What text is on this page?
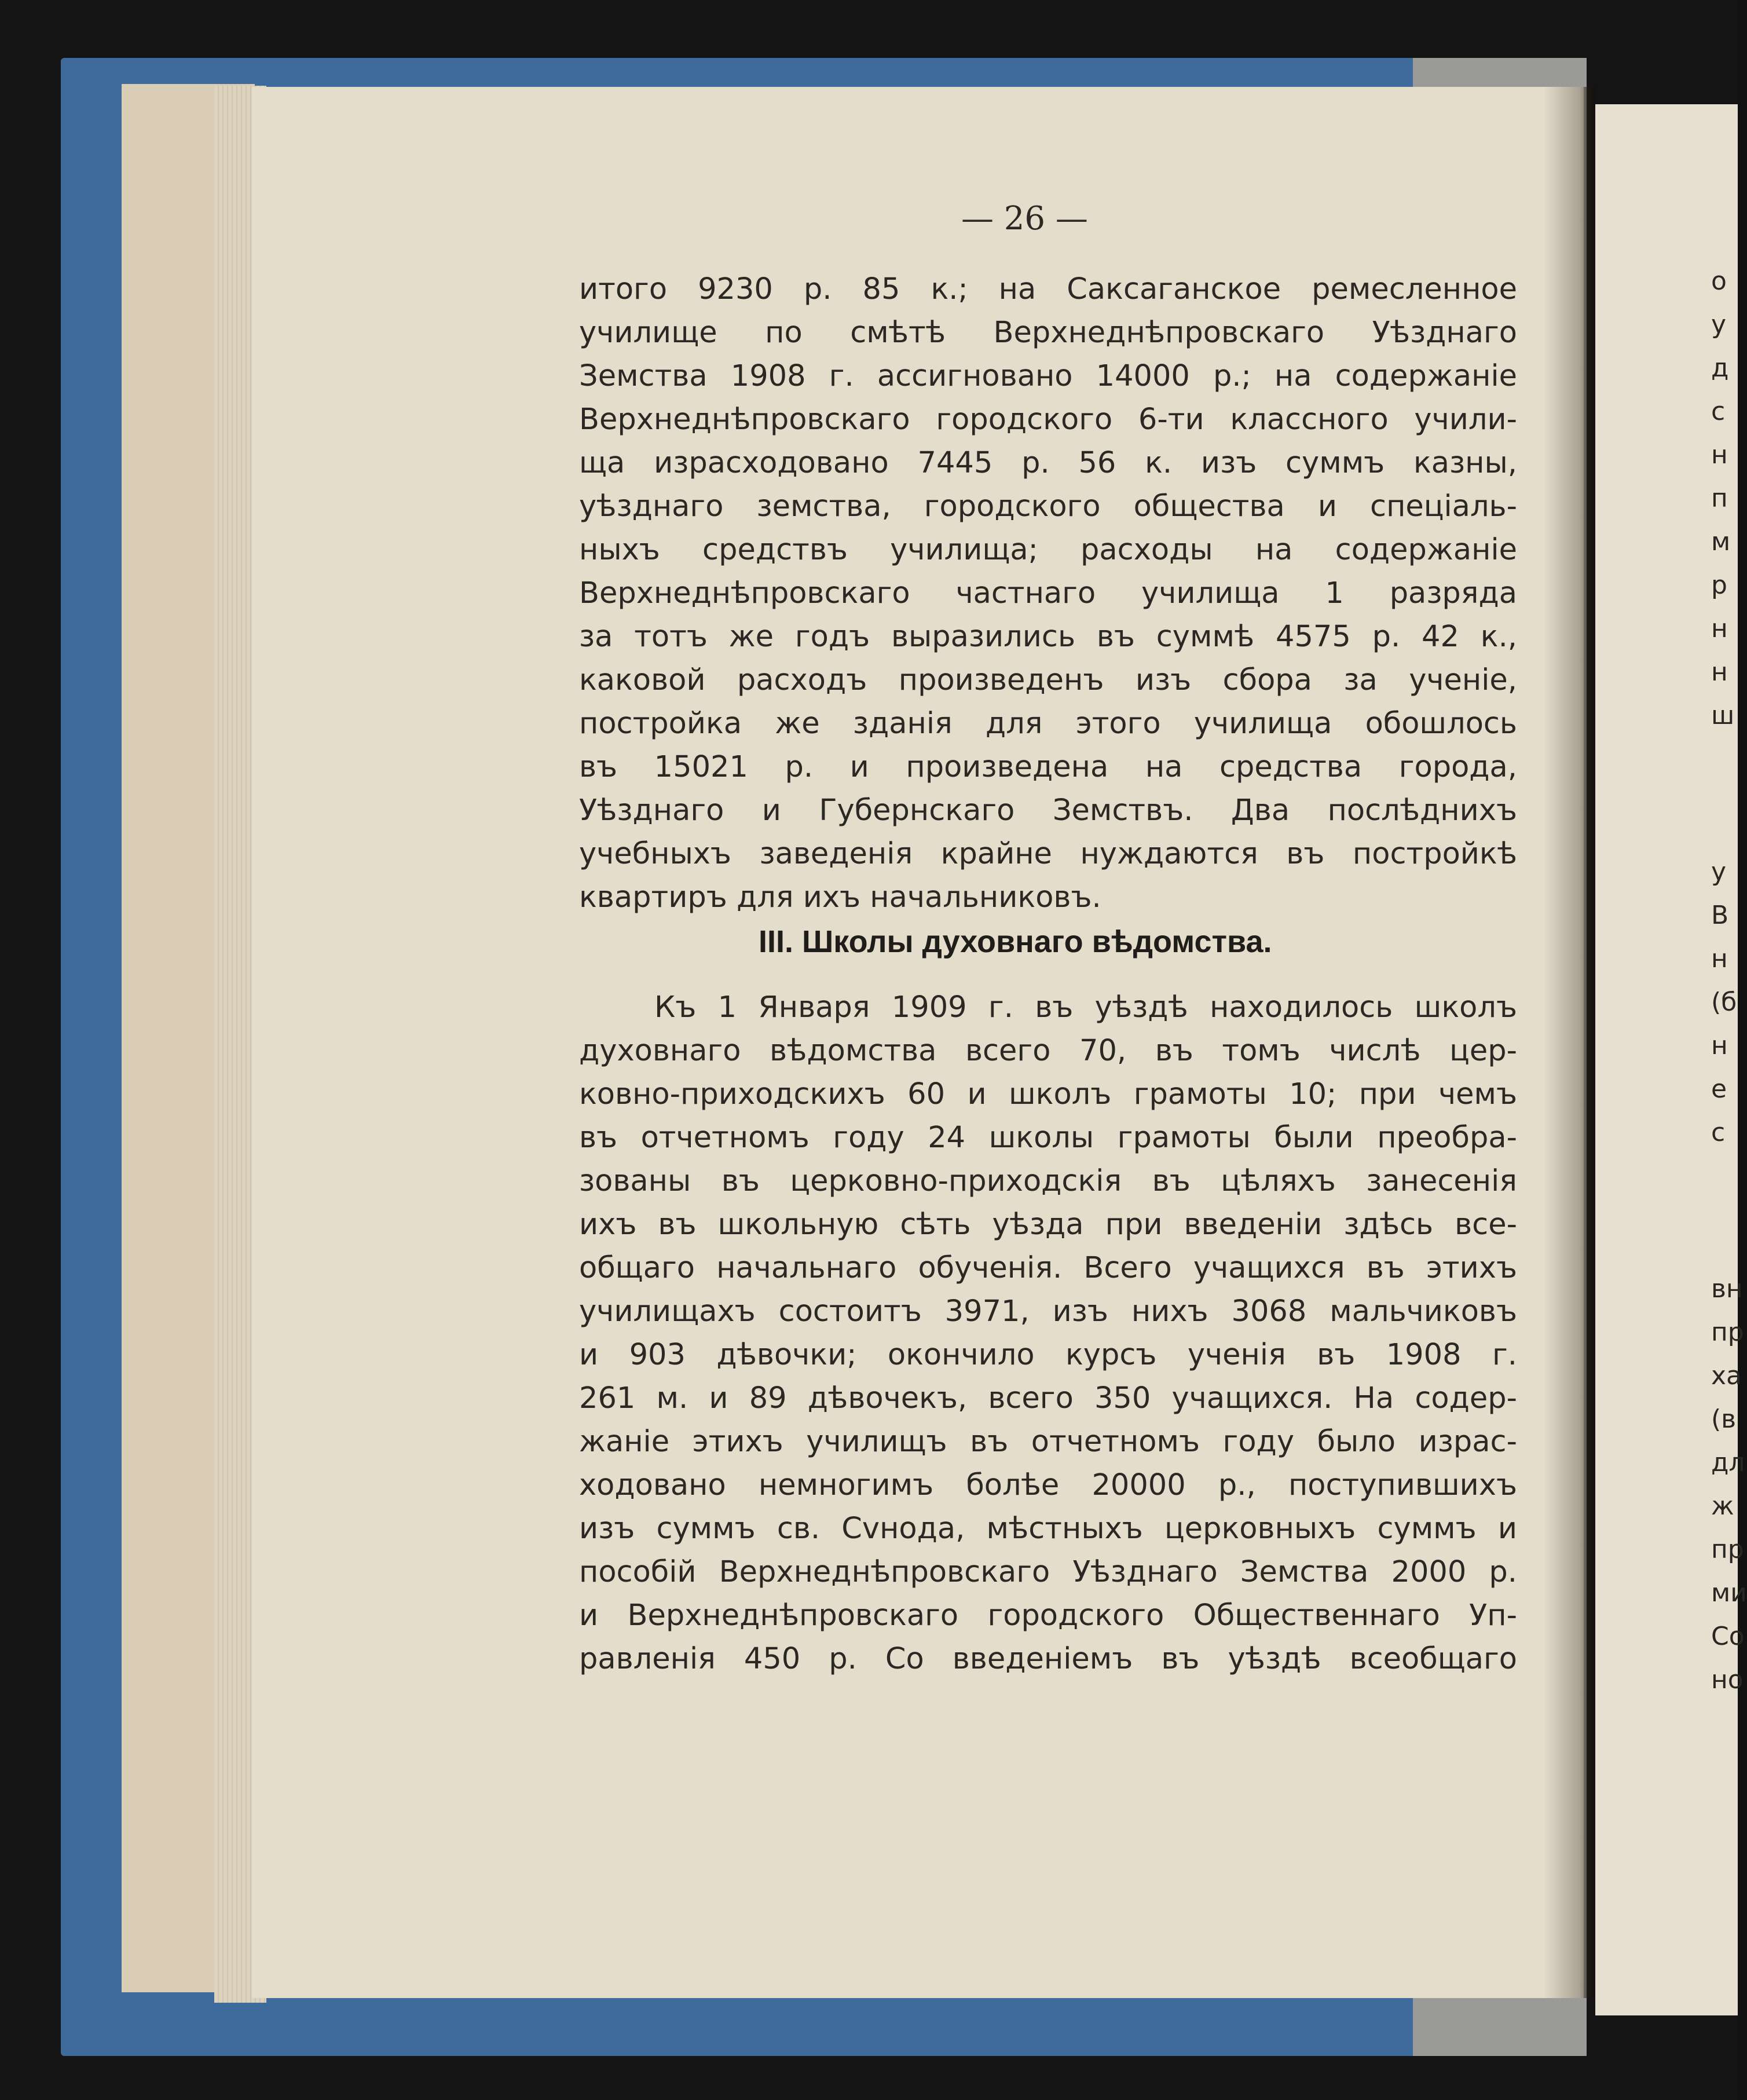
— 26 —
итого 9230 р. 85 к.; на Саксаганское ремесленное
училище по смѣтѣ Верхнеднѣпровскаго Уѣзднаго
Земства 1908 г. ассигновано 14000 р.; на содержаніе
Верхнеднѣпровскаго городского 6-ти классного учили-
ща израсходовано 7445 р. 56 к. изъ суммъ казны,
уѣзднаго земства, городского общества и спеціаль-
ныхъ средствъ училища; расходы на содержаніе
Верхнеднѣпровскаго частнаго училища 1 разряда
за тотъ же годъ выразились въ суммѣ 4575 р. 42 к.,
каковой расходъ произведенъ изъ сбора за ученіе,
постройка же зданія для этого училища обошлось
въ 15021 р. и произведена на средства города,
Уѣзднаго и Губернскаго Земствъ. Два послѣднихъ
учебныхъ заведенія крайне нуждаются въ постройкѣ
квартиръ для ихъ начальниковъ.
Къ 1 Января 1909 г. въ уѣздѣ находилось школъ
духовнаго вѣдомства всего 70, въ томъ числѣ цер-
ковно-приходскихъ 60 и школъ грамоты 10; при чемъ
въ отчетномъ году 24 школы грамоты были преобра-
зованы въ церковно-приходскія въ цѣляхъ занесенія
ихъ въ школьную сѣть уѣзда при введеніи здѣсь все-
общаго начальнаго обученія. Всего учащихся въ этихъ
училищахъ состоитъ 3971, изъ нихъ 3068 мальчиковъ
и 903 дѣвочки; окончило курсъ ученія въ 1908 г.
261 м. и 89 дѣвочекъ, всего 350 учащихся. На содер-
жаніе этихъ училищъ въ отчетномъ году было израс-
ходовано немногимъ болѣе 20000 р., поступившихъ
изъ суммъ св. Сvнода, мѣстныхъ церковныхъ суммъ и
пособій Верхнеднѣпровскаго Уѣзднаго Земства 2000 р.
и Верхнеднѣпровскаго городского Общественнаго Уп-
равленія 450 р. Со введеніемъ въ уѣздѣ всеобщаго
III. Школы духовнаго вѣдомства.
о
у
д
с
н
п
м
р
н
н
ш
у
В
н
(б
н
е
с
вн
пр
ха
(в
дл
ж
пр
ми
Со
но
